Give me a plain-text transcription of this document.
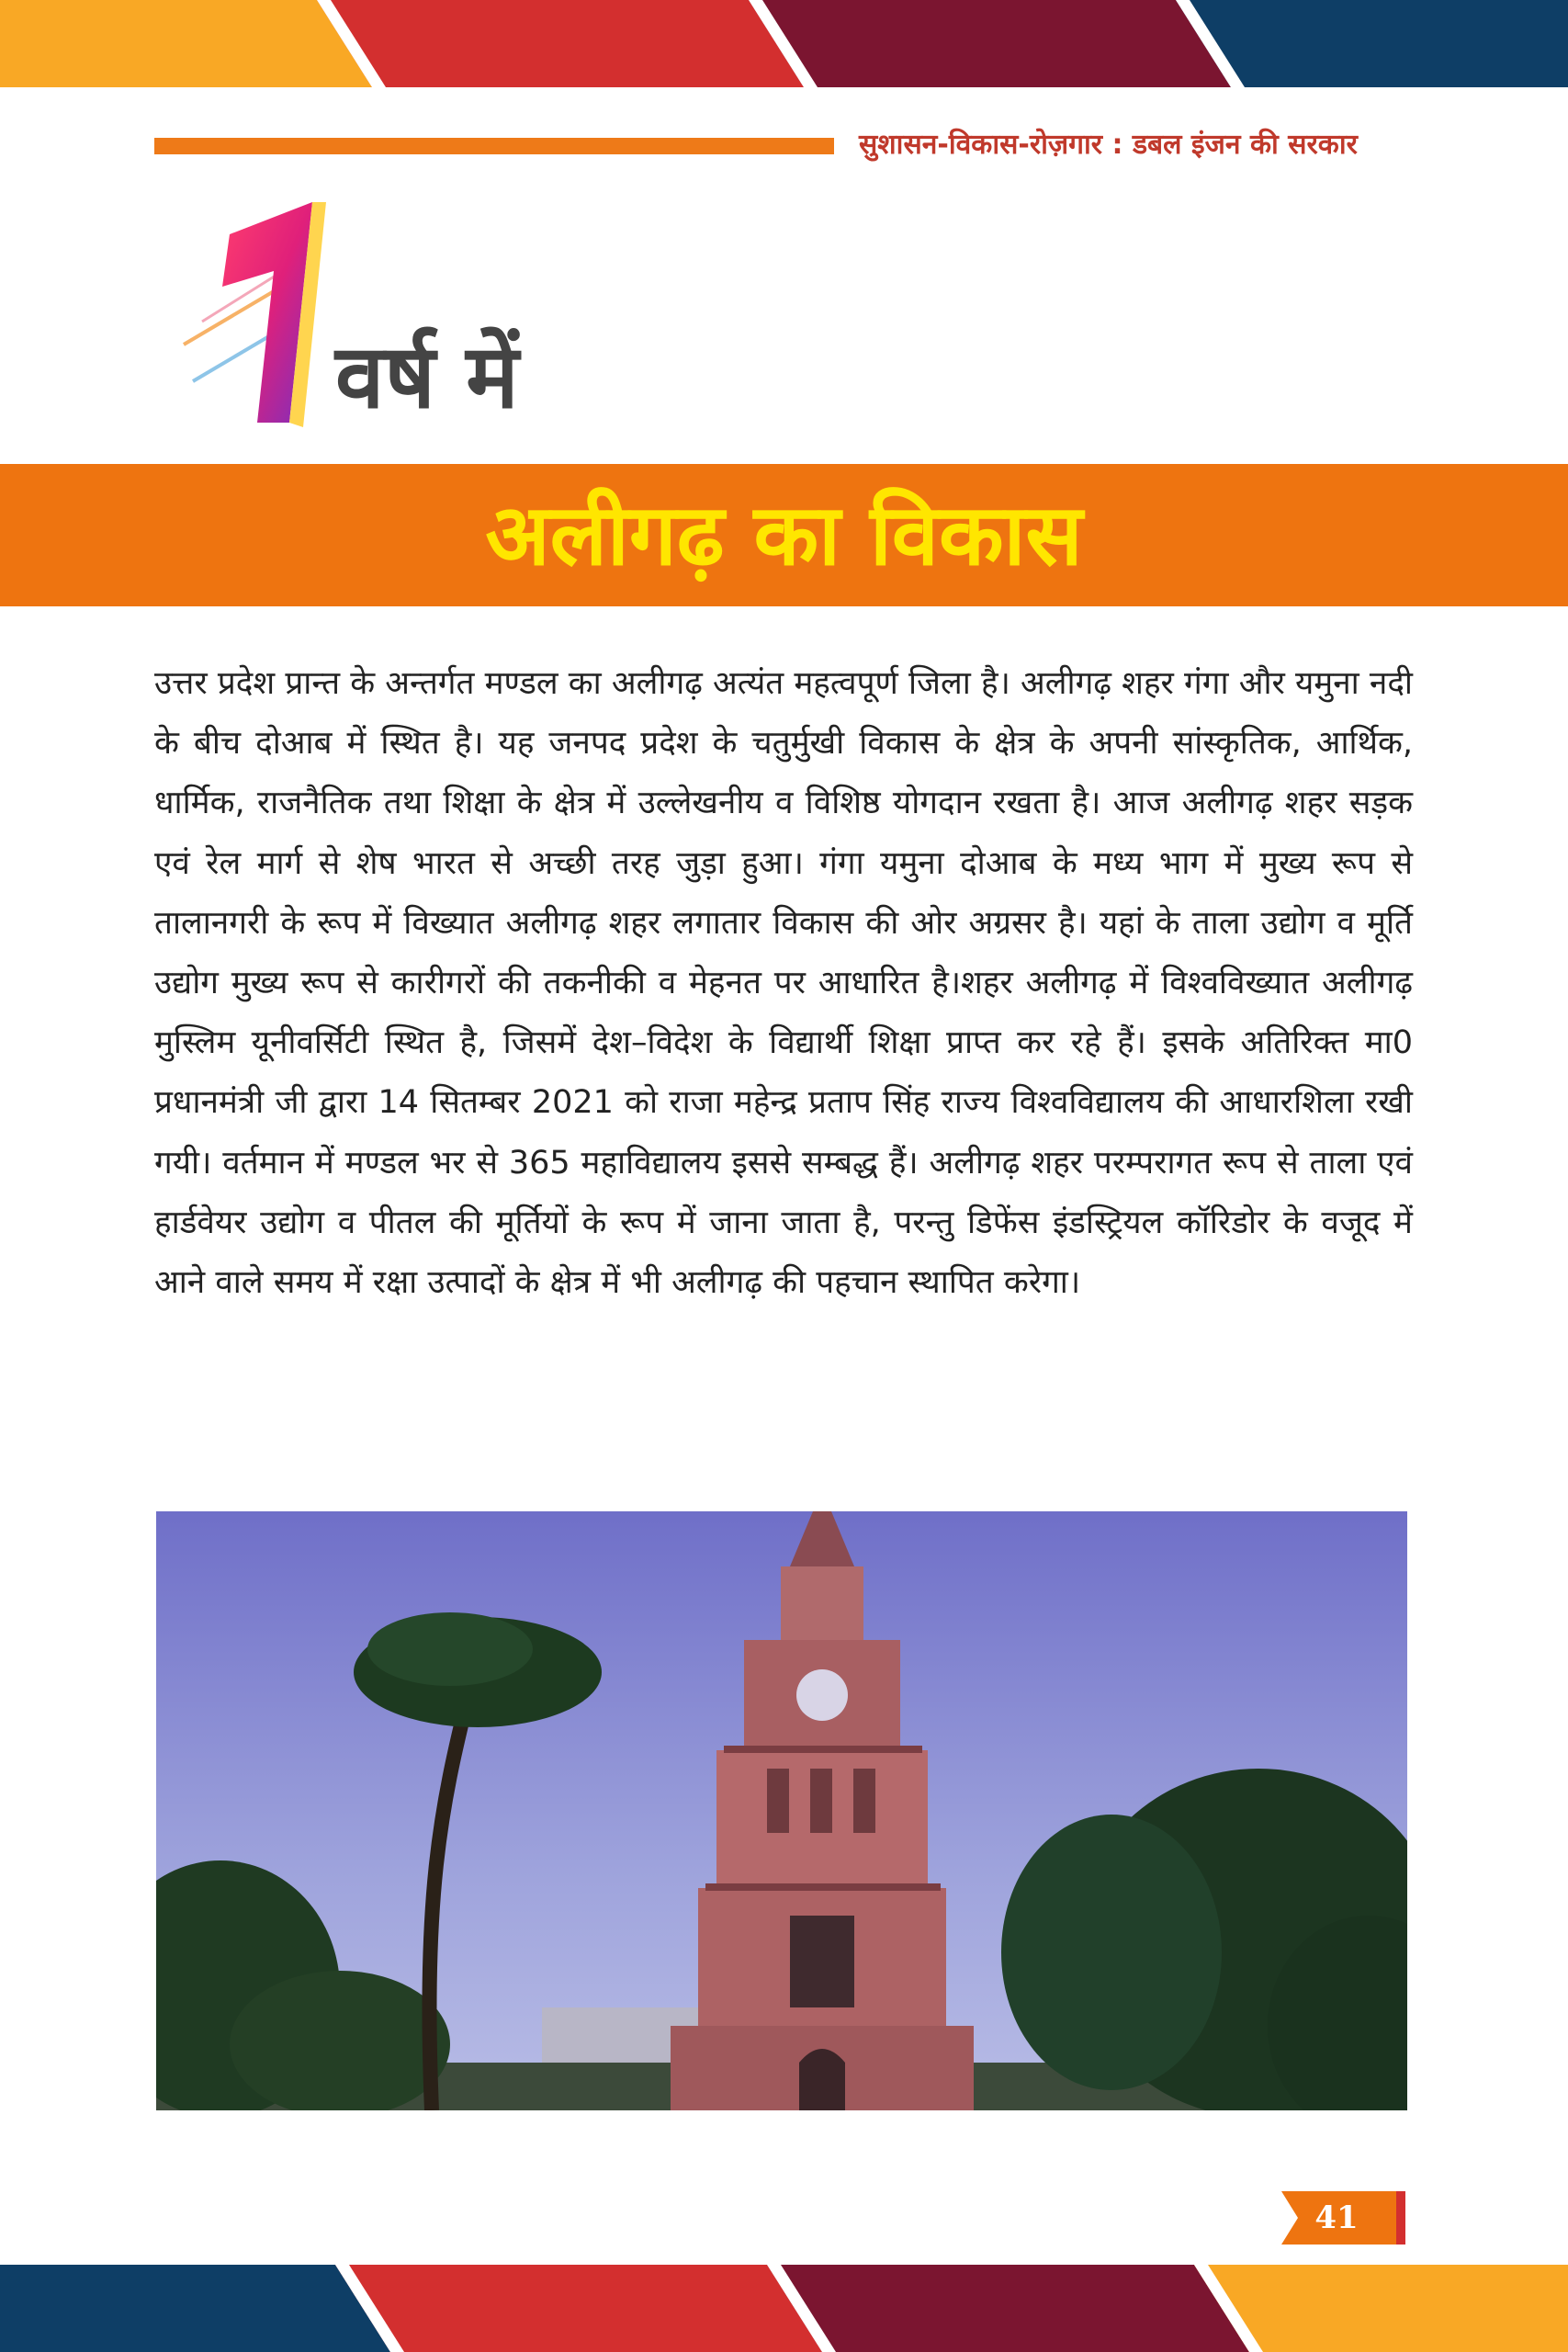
सुशासन-विकास-रोज़गार : डबल इंजन की सरकार
वर्ष में
अलीगढ़ का विकास
उत्तर प्रदेश प्रान्त के अन्तर्गत मण्डल का अलीगढ़ अत्यंत महत्वपूर्ण जिला है। अलीगढ़ शहर गंगा और यमुना नदी के बीच दोआब में स्थित है। यह जनपद प्रदेश के चतुर्मुखी विकास के क्षेत्र के अपनी सांस्कृतिक, आर्थिक, धार्मिक, राजनैतिक तथा शिक्षा के क्षेत्र में उल्लेखनीय व विशिष्ठ योगदान रखता है। आज अलीगढ़ शहर सड़क एवं रेल मार्ग से शेष भारत से अच्छी तरह जुड़ा हुआ। गंगा यमुना दोआब के मध्य भाग में मुख्य रूप से तालानगरी के रूप में विख्यात अलीगढ़ शहर लगातार विकास की ओर अग्रसर है। यहां के ताला उद्योग व मूर्ति उद्योग मुख्य रूप से कारीगरों की तकनीकी व मेहनत पर आधारित है।शहर अलीगढ़ में विश्वविख्यात अलीगढ़ मुस्लिम यूनीवर्सिटी स्थित है, जिसमें देश–विदेश के विद्यार्थी शिक्षा प्राप्त कर रहे हैं। इसके अतिरिक्त मा0 प्रधानमंत्री जी द्वारा 14 सितम्बर 2021 को राजा महेन्द्र प्रताप सिंह राज्य विश्वविद्यालय की आधारशिला रखी गयी। वर्तमान में मण्डल भर से 365 महाविद्यालय इससे सम्बद्ध हैं। अलीगढ़ शहर परम्परागत रूप से ताला एवं हार्डवेयर उद्योग व पीतल की मूर्तियों के रूप में जाना जाता है, परन्तु डिफेंस इंडस्ट्रियल कॉरिडोर के वजूद में आने वाले समय में रक्षा उत्पादों के क्षेत्र में भी अलीगढ़ की पहचान स्थापित करेगा।
41
